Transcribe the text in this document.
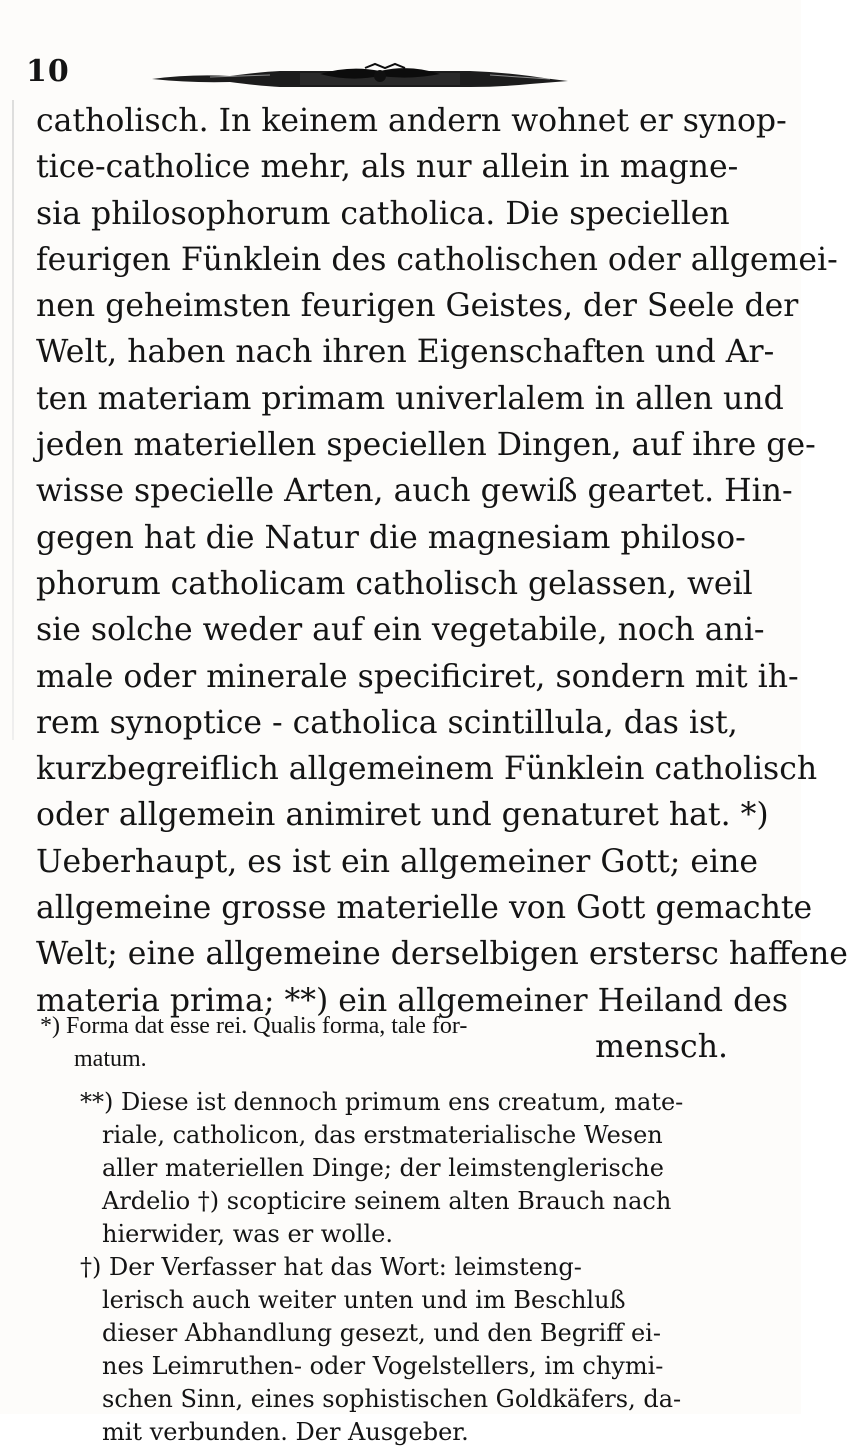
10
catholisch. In keinem andern wohnet er synop-
tice-catholice mehr, als nur allein in magne-
sia philosophorum catholica. Die speciellen
feurigen Fünklein des catholischen oder allgemei-
nen geheimsten feurigen Geistes, der Seele der
Welt, haben nach ihren Eigenschaften und Ar-
ten materiam primam univerlalem in allen und
jeden materiellen speciellen Dingen, auf ihre ge-
wisse specielle Arten, auch gewiß geartet. Hin-
gegen hat die Natur die magnesiam philoso-
phorum catholicam catholisch gelassen, weil
sie solche weder auf ein vegetabile, noch ani-
male oder minerale specificiret, sondern mit ih-
rem synoptice - catholica scintillula, das ist,
kurzbegreiflich allgemeinem Fünklein catholisch
oder allgemein animiret und genaturet hat. *)
Ueberhaupt, es ist ein allgemeiner Gott; eine
allgemeine grosse materielle von Gott gemachte
Welt; eine allgemeine derselbigen erstersc haffene
materia prima; **) ein allgemeiner Heiland des
mensch.
*) Forma dat esse rei. Qualis forma, tale for-
matum.
**) Diese ist dennoch primum ens creatum, mate-
riale, catholicon, das erstmaterialische Wesen
aller materiellen Dinge; der leimstenglerische
Ardelio †) scopticire seinem alten Brauch nach
hierwider, was er wolle.
†) Der Verfasser hat das Wort: leimsteng-
lerisch auch weiter unten und im Beschluß
dieser Abhandlung gesezt, und den Begriff ei-
nes Leimruthen- oder Vogelstellers, im chymi-
schen Sinn, eines sophistischen Goldkäfers, da-
mit verbunden. Der Ausgeber.
